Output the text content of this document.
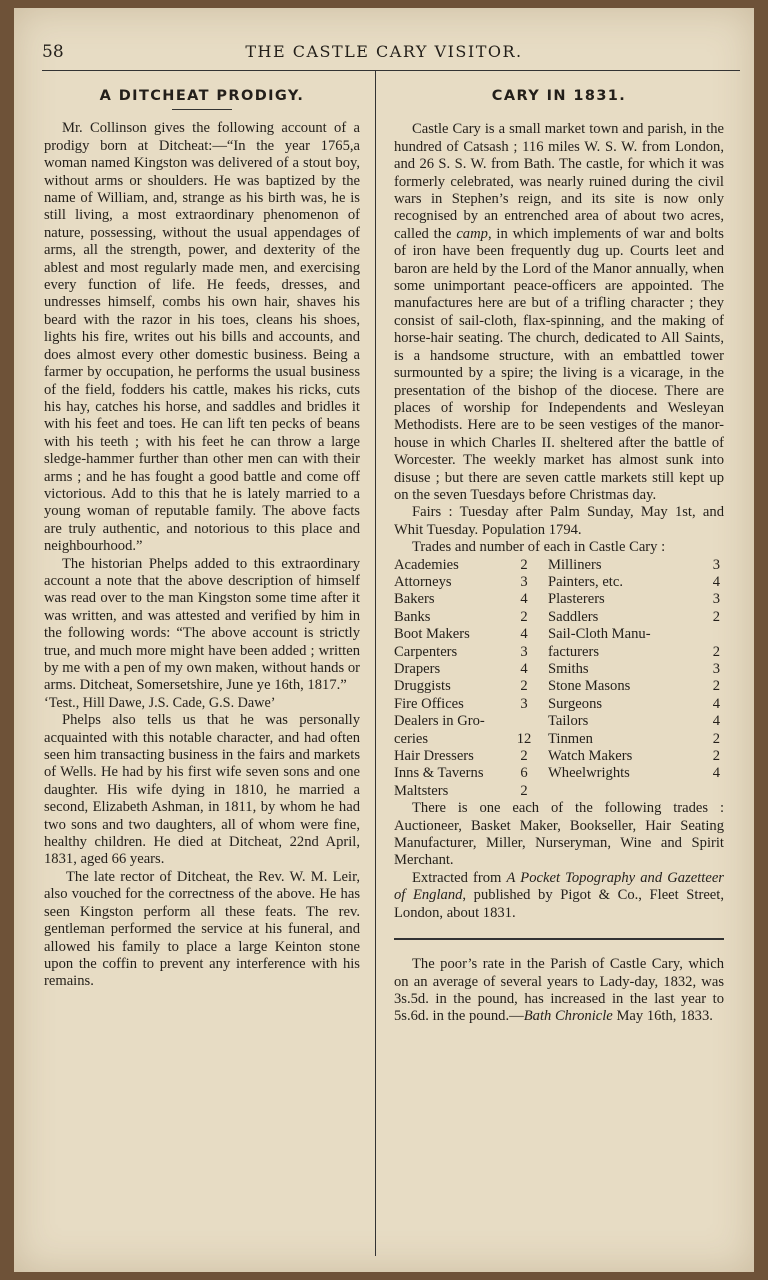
58	THE CASTLE CARY VISITOR.
A DITCHEAT PRODIGY.

Mr. Collinson gives the following account of a prodigy born at Ditcheat:—“In the year 1765,a woman named Kingston was delivered of a stout boy, without arms or shoulders. He was baptized by the name of William, and, strange as his birth was, he is still living, a most extraordinary phenomenon of nature, possessing, without the usual appendages of arms, all the strength, power, and dexterity of the ablest and most regularly made men, and exercising every function of life. He feeds, dresses, and undresses himself, combs his own hair, shaves his beard with the razor in his toes, cleans his shoes, lights his fire, writes out his bills and accounts, and does almost every other domestic business. Being a farmer by occupation, he performs the usual business of the field, fodders his cattle, makes his ricks, cuts his hay, catches his horse, and saddles and bridles it with his feet and toes. He can lift ten pecks of beans with his teeth ; with his feet he can throw a large sledge-hammer further than other men can with their arms ; and he has fought a good battle and come off victorious. Add to this that he is lately married to a young woman of reputable family. The above facts are truly authentic, and notorious to this place and neighbourhood.”

The historian Phelps added to this extraordinary account a note that the above description of himself was read over to the man Kingston some time after it was written, and was attested and verified by him in the following words: “The above account is strictly true, and much more might have been added ; written by me with a pen of my own maken, without hands or arms. Ditcheat, Somersetshire, June ye 16th, 1817.”

‘Test., Hill Dawe, J.S. Cade, G.S. Dawe’

Phelps also tells us that he was personally acquainted with this notable character, and had often seen him transacting business in the fairs and markets of Wells. He had by his first wife seven sons and one daughter. His wife dying in 1810, he married a second, Elizabeth Ashman, in 1811, by whom he had two sons and two daughters, all of whom were fine, healthy children. He died at Ditcheat, 22nd April, 1831, aged 66 years.

The late rector of Ditcheat, the Rev. W. M. Leir, also vouched for the correctness of the above. He has seen Kingston perform all these feats. The rev. gentleman performed the service at his funeral, and allowed his family to place a large Keinton stone upon the coffin to prevent any interference with his remains.

CARY IN 1831.

Castle Cary is a small market town and parish, in the hundred of Catsash ; 116 miles W. S. W. from London, and 26 S. S. W. from Bath. The castle, for which it was formerly celebrated, was nearly ruined during the civil wars in Stephen’s reign, and its site is now only recognised by an entrenched area of about two acres, called the camp, in which implements of war and bolts of iron have been frequently dug up. Courts leet and baron are held by the Lord of the Manor annually, when some unimportant peace-officers are appointed. The manufactures here are but of a trifling character ; they consist of sail-cloth, flax-spinning, and the making of horse-hair seating. The church, dedicated to All Saints, is a handsome structure, with an embattled tower surmounted by a spire; the living is a vicarage, in the presentation of the bishop of the diocese. There are places of worship for Independents and Wesleyan Methodists. Here are to be seen vestiges of the manor-house in which Charles II. sheltered after the battle of Worcester. The weekly market has almost sunk into disuse ; but there are seven cattle markets still kept up on the seven Tuesdays before Christmas day.

Fairs : Tuesday after Palm Sunday, May 1st, and Whit Tuesday. Population 1794.

Trades and number of each in Castle Cary :

Academies	2	Milliners	3
Attorneys	3	Painters, etc.	4
Bakers	4	Plasterers	3
Banks	2	Saddlers	2
Boot Makers	4	Sail-Cloth Manu-	
Carpenters	3	facturers	2
Drapers	4	Smiths	3
Druggists	2	Stone Masons	2
Fire Offices	3	Surgeons	4
Dealers in Gro-		Tailors	4
ceries	12	Tinmen	2
Hair Dressers	2	Watch Makers	2
Inns & Taverns	6	Wheelwrights	4
Maltsters	2		

There is one each of the following trades : Auctioneer, Basket Maker, Bookseller, Hair Seating Manufacturer, Miller, Nurseryman, Wine and Spirit Merchant.

Extracted from A Pocket Topography and Gazetteer of England, published by Pigot & Co., Fleet Street, London, about 1831.

The poor’s rate in the Parish of Castle Cary, which on an average of several years to Lady-day, 1832, was 3s.5d. in the pound, has increased in the last year to 5s.6d. in the pound.—Bath Chronicle May 16th, 1833.
